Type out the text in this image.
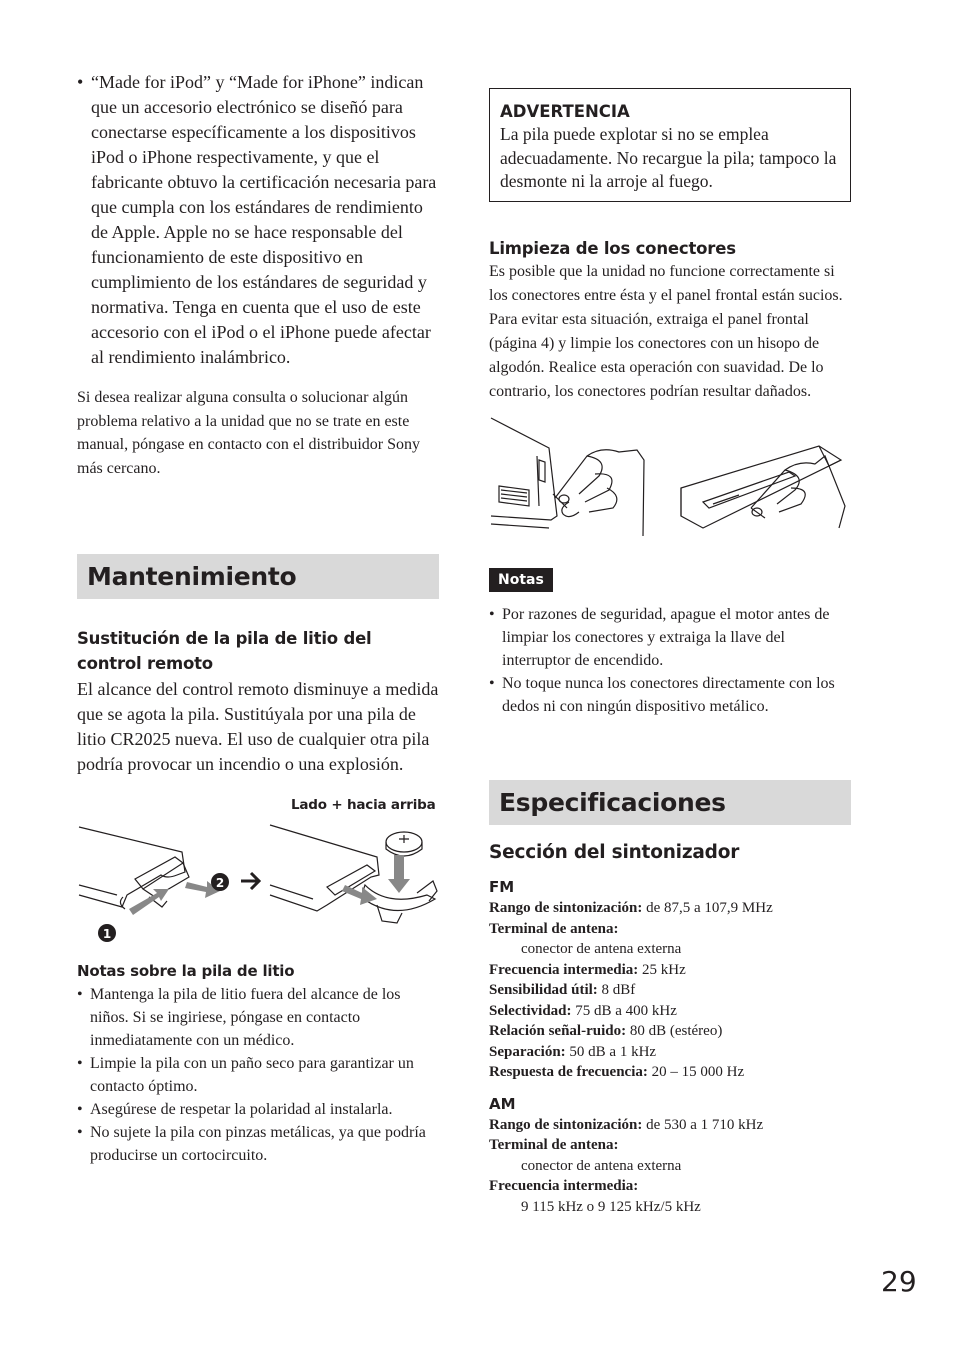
• “Made for iPod” y “Made for iPhone” indican que un accesorio electrónico se diseñó para conectarse específicamente a los dispositivos iPod o iPhone respectivamente, y que el fabricante obtuvo la certificación necesaria para que cumpla con los estándares de rendimiento de Apple. Apple no se hace responsable del funcionamiento de este dispositivo en cumplimiento de los estándares de seguridad y normativa. Tenga en cuenta que el uso de este accesorio con el iPod o el iPhone puede afectar al rendimiento inalámbrico.

Si desea realizar alguna consulta o solucionar algún problema relativo a la unidad que no se trate en este manual, póngase en contacto con el distribuidor Sony más cercano.

Mantenimiento

Sustitución de la pila de litio del control remoto

El alcance del control remoto disminuye a medida que se agota la pila. Sustitúyala por una pila de litio CR2025 nueva. El uso de cualquier otra pila podría provocar un incendio o una explosión.

Lado + hacia arriba
2
1

Notas sobre la pila de litio

• Mantenga la pila de litio fuera del alcance de los niños. Si se ingiriese, póngase en contacto inmediatamente con un médico.
• Limpie la pila con un paño seco para garantizar un contacto óptimo.
• Asegúrese de respetar la polaridad al instalarla.
• No sujete la pila con pinzas metálicas, ya que podría producirse un cortocircuito.
ADVERTENCIA
La pila puede explotar si no se emplea adecuadamente. No recargue la pila; tampoco la desmonte ni la arroje al fuego.

Limpieza de los conectores

Es posible que la unidad no funcione correctamente si los conectores entre ésta y el panel frontal están sucios. Para evitar esta situación, extraiga el panel frontal (página 4) y limpie los conectores con un hisopo de algodón. Realice esta operación con suavidad. De lo contrario, los conectores podrían resultar dañados.

Notas
• Por razones de seguridad, apague el motor antes de limpiar los conectores y extraiga la llave del interruptor de encendido.
• No toque nunca los conectores directamente con los dedos ni con ningún dispositivo metálico.
Especificaciones

Sección del sintonizador

FM

Rango de sintonización: de 87,5 a 107,9 MHz

Terminal de antena:

conector de antena externa

Frecuencia intermedia: 25 kHz

Sensibilidad útil: 8 dBf

Selectividad: 75 dB a 400 kHz

Relación señal-ruido: 80 dB (estéreo)

Separación: 50 dB a 1 kHz

Respuesta de frecuencia: 20 – 15 000 Hz

AM

Rango de sintonización: de 530 a 1 710 kHz

Terminal de antena:

conector de antena externa

Frecuencia intermedia:

9 115 kHz o 9 125 kHz/5 kHz

29
